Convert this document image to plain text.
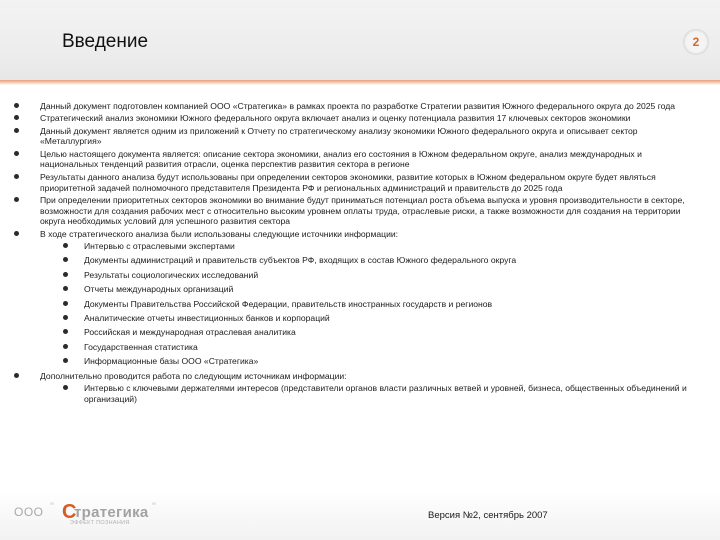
Введение	2
Данный документ подготовлен компанией ООО «Стратегика» в рамках проекта по разработке Стратегии развития Южного федерального округа до 2025 года
Стратегический анализ экономики Южного федерального округа включает анализ и оценку потенциала развития 17 ключевых секторов экономики
Данный документ является одним из приложений к Отчету по стратегическому анализу экономики Южного федерального округа и описывает сектор «Металлургия»
Целью настоящего документа является: описание сектора экономики, анализ его состояния в Южном федеральном округе, анализ международных и национальных тенденций развития отрасли, оценка перспектив развития сектора в регионе
Результаты данного анализа будут использованы при определении секторов экономики, развитие которых в Южном федеральном округе будет являться приоритетной задачей полномочного представителя Президента РФ и региональных администраций и правительств до 2025 года
При определении приоритетных секторов экономики во внимание будут приниматься потенциал роста объема выпуска и уровня производительности в секторе, возможности для создания рабочих мест с относительно высоким уровнем оплаты труда, отраслевые риски, а также возможности для создания на территории округа необходимых условий для успешного развития сектора
В ходе стратегического анализа были использованы следующие источники информации:
Интервью с отраслевыми экспертами
Документы администраций и правительств субъектов РФ, входящих в состав Южного федерального округа
Результаты социологических исследований
Отчеты международных организаций
Документы Правительства Российской Федерации, правительств иностранных государств и регионов
Аналитические отчеты инвестиционных банков и корпораций
Российская и международная отраслевая аналитика
Государственная статистика
Информационные базы ООО «Стратегика»
Дополнительно проводится работа по следующим источникам информации:
Интервью с ключевыми держателями интересов (представители органов власти различных ветвей и уровней, бизнеса, общественных объединений и организаций)
ООО " С
тратегика "
ЭФФЕКТ ПОЗНАНИЯ
Версия №2, сентябрь 2007
